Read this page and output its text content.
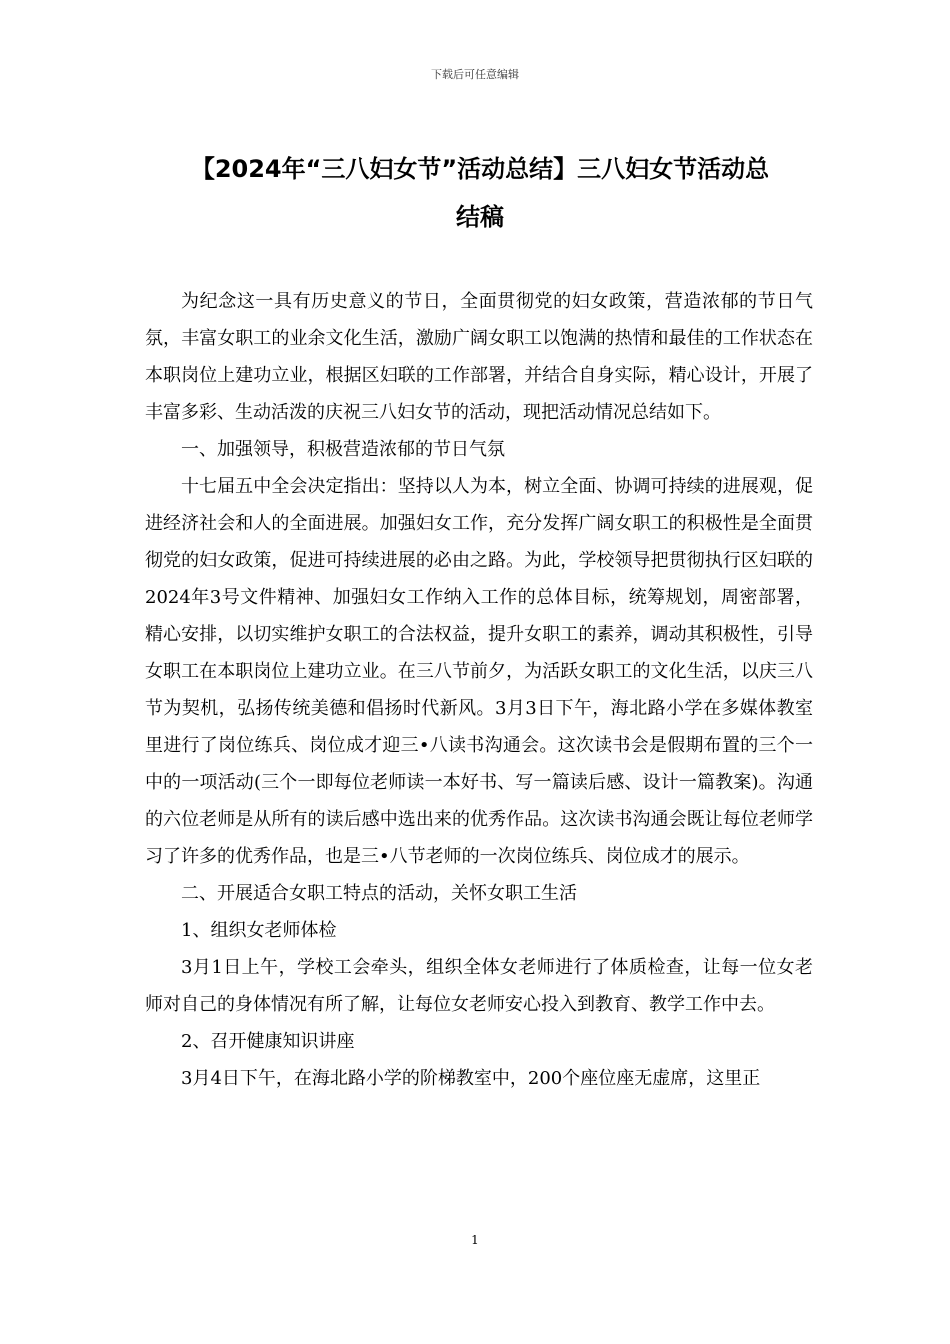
下载后可任意编辑
【2024年“三八妇女节”活动总结】三八妇女节活动总
结稿

为纪念这一具有历史意义的节日，全面贯彻党的妇女政策，营造浓郁的节日气氛，丰富女职工的业余文化生活，激励广阔女职工以饱满的热情和最佳的工作状态在本职岗位上建功立业，根据区妇联的工作部署，并结合自身实际，精心设计，开展了丰富多彩、生动活泼的庆祝三八妇女节的活动，现把活动情况总结如下。

一、加强领导，积极营造浓郁的节日气氛

十七届五中全会决定指出：坚持以人为本，树立全面、协调可持续的进展观，促进经济社会和人的全面进展。加强妇女工作，充分发挥广阔女职工的积极性是全面贯彻党的妇女政策，促进可持续进展的必由之路。为此，学校领导把贯彻执行区妇联的2024年3号文件精神、加强妇女工作纳入工作的总体目标，统筹规划，周密部署，精心安排，以切实维护女职工的合法权益，提升女职工的素养，调动其积极性，引导女职工在本职岗位上建功立业。在三八节前夕，为活跃女职工的文化生活，以庆三八节为契机，弘扬传统美德和倡扬时代新风。3月3日下午，海北路小学在多媒体教室里进行了岗位练兵、岗位成才迎三•八读书沟通会。这次读书会是假期布置的三个一中的一项活动(三个一即每位老师读一本好书、写一篇读后感、设计一篇教案)。沟通的六位老师是从所有的读后感中选出来的优秀作品。这次读书沟通会既让每位老师学习了许多的优秀作品，也是三•八节老师的一次岗位练兵、岗位成才的展示。

二、开展适合女职工特点的活动，关怀女职工生活

1、组织女老师体检

3月1日上午，学校工会牵头，组织全体女老师进行了体质检查，让每一位女老师对自己的身体情况有所了解，让每位女老师安心投入到教育、教学工作中去。

2、召开健康知识讲座

3月4日下午，在海北路小学的阶梯教室中，200个座位座无虚席，这里正

1
